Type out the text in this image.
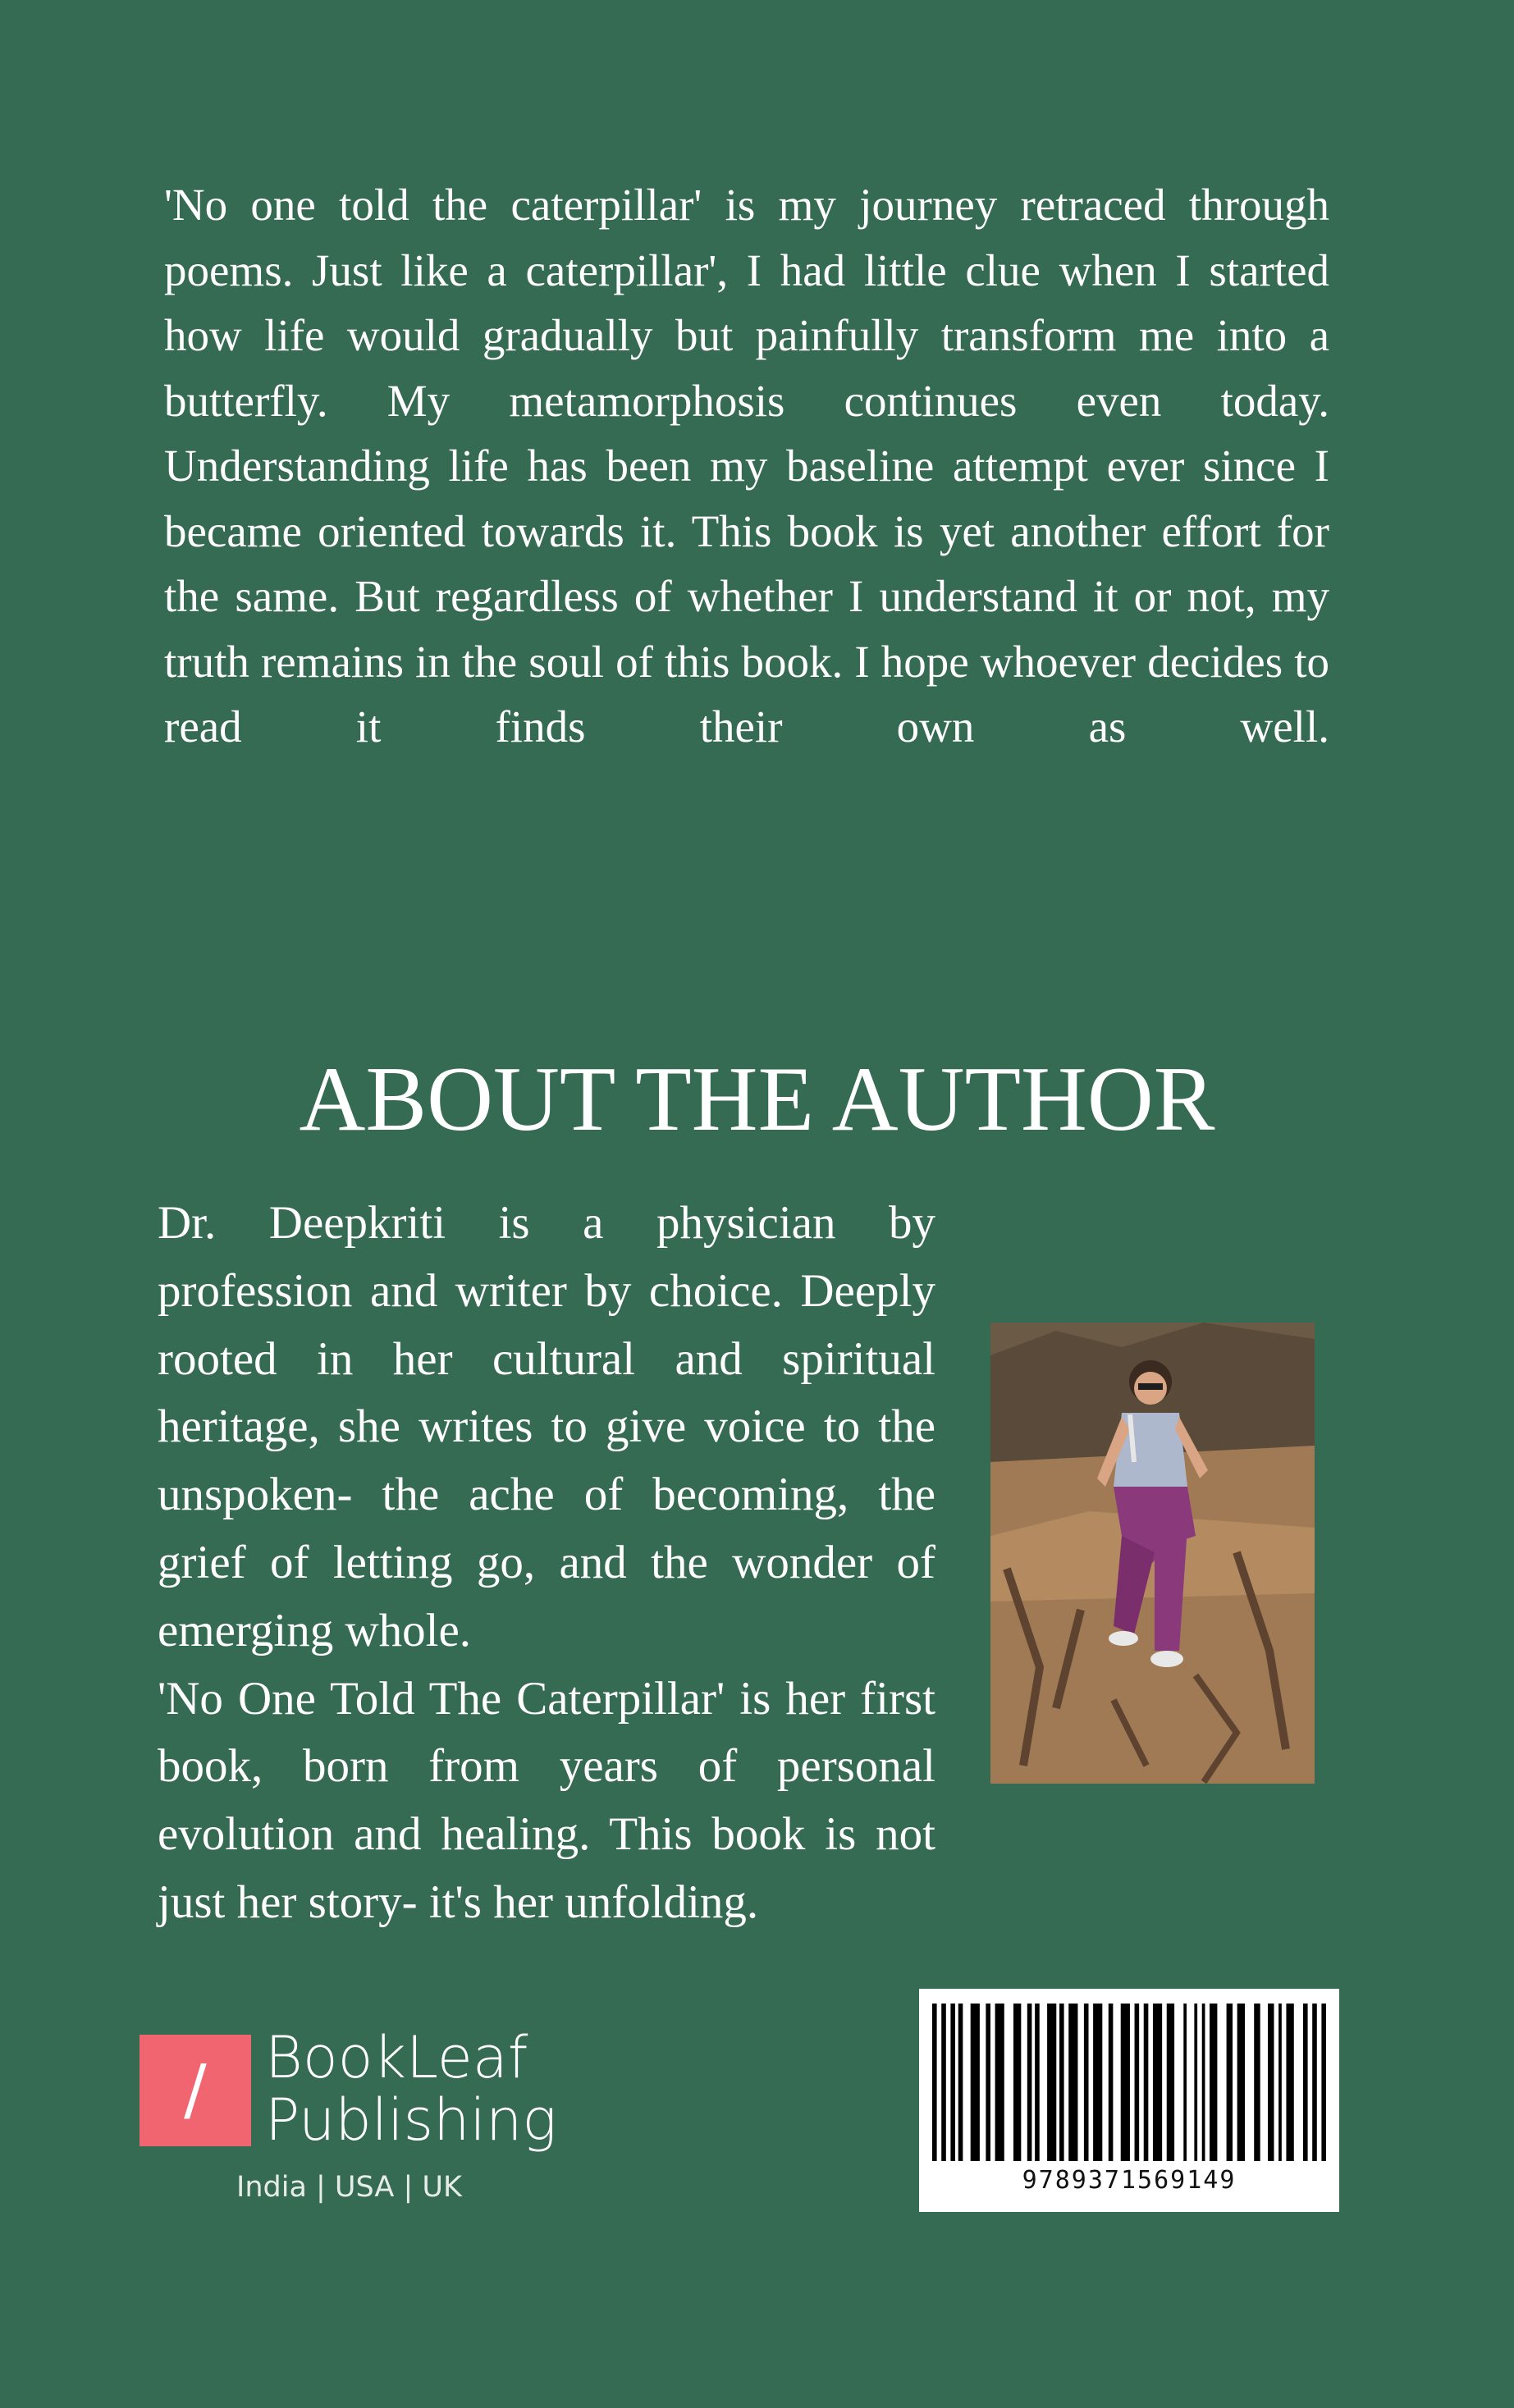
'No one told the caterpillar' is my journey retraced through poems. Just like a caterpillar', I had little clue when I started how life would gradually but painfully transform me into a butterfly. My metamorphosis continues even today. Understanding life has been my baseline attempt ever since I became oriented towards it. This book is yet another effort for the same. But regardless of whether I understand it or not, my truth remains in the soul of this book. I hope whoever decides to read it finds their own as well.

ABOUT THE AUTHOR
Dr. Deepkriti is a physician by profession and writer by choice. Deeply rooted in her cultural and spiritual heritage, she writes to give voice to the unspoken- the ache of becoming, the grief of letting go, and the wonder of emerging whole.
'No One Told The Caterpillar' is her first book, born from years of personal evolution and healing. This book is not just her story- it's her unfolding.
/	BookLeaf
Publishing
India | USA | UK	9789371569149
